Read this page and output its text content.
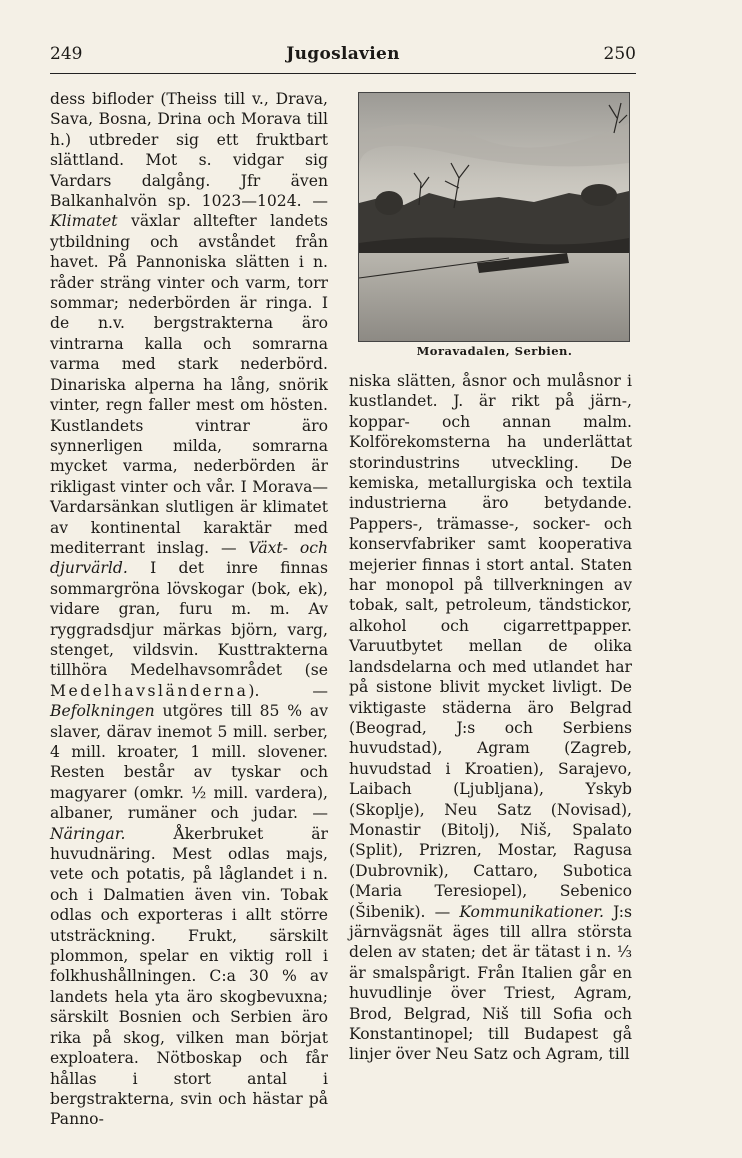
249	Jugoslavien	250

dess bifloder (Theiss till v., Drava, Sava, Bosna, Drina och Morava till h.) utbreder sig ett fruktbart slättland. Mot s. vidgar sig Vardars dalgång. Jfr även Balkanhalvön sp. 1023—1024. — Klimatet växlar alltefter landets ytbildning och avståndet från havet. På Pannoniska slätten i n. råder sträng vinter och varm, torr sommar; nederbörden är ringa. I de n.v. bergstrakterna äro vintrarna kalla och somrarna varma med stark nederbörd. Dinariska alperna ha lång, snörik vinter, regn faller mest om hösten. Kustlandets vintrar äro synnerligen milda, somrarna mycket varma, nederbörden är rikligast vinter och vår. I Morava—Vardarsänkan slutligen är klimatet av kontinental karaktär med mediterrant inslag. — Växt- och djurvärld. I det inre finnas sommargröna lövskogar (bok, ek), vidare gran, furu m. m. Av ryggradsdjur märkas björn, varg, stenget, vildsvin. Kusttrakterna tillhöra Medelhavsområdet (se Medelhavsländerna). — Befolkningen utgöres till 85 % av slaver, därav inemot 5 mill. serber, 4 mill. kroater, 1 mill. slovener. Resten består av tyskar och magyarer (omkr. ½ mill. vardera), albaner, rumäner och judar. — Näringar.	Åkerbruket är huvudnäring. Mest odlas majs, vete och potatis, på låglandet i n. och i Dalmatien även vin. Tobak odlas och exporteras i allt större utsträckning. Frukt, särskilt plommon, spelar en viktig roll i folkhushållningen. C:a 30 % av landets hela yta äro skogbevuxna; särskilt Bosnien och Serbien äro rika på skog, vilken man börjat exploatera. Nötboskap och får hållas i stort antal i bergstrakterna, svin och hästar på Panno-

Moravadalen, Serbien.

niska slätten, åsnor och mulåsnor i kustlandet. J. är rikt på järn-, koppar- och annan malm. Kolförekomsterna ha underlättat storindustrins utveckling. De kemiska, metallurgiska och textila industrierna äro betydande. Pappers-, trämasse-, socker- och konservfabriker samt kooperativa mejerier finnas i stort antal. Staten har monopol på tillverkningen av tobak, salt, petroleum, tändstickor, alkohol och cigarrettpapper. Varuutbytet mellan de olika landsdelarna och med utlandet har på sistone blivit mycket livligt. De viktigaste städerna äro Belgrad (Beograd, J:s och Serbiens huvudstad), Agram (Zagreb, huvudstad i Kroatien), Sarajevo, Laibach (Ljubljana), Yskyb (Skoplje), Neu Satz (Novisad), Monastir (Bitolj), Niš, Spalato (Split), Prizren, Mostar, Ragusa (Dubrovnik), Cattaro, Subotica (Maria Teresiopel), Sebenico (Šibenik). — Kommunikationer. J:s järnvägsnät äges till allra största delen av staten; det är tätast i n. ⅓ är smalspårigt. Från Italien går en huvudlinje över Triest, Agram, Brod, Belgrad, Niš till Sofia och Konstantinopel; till Budapest gå linjer över Neu Satz och Agram, till
